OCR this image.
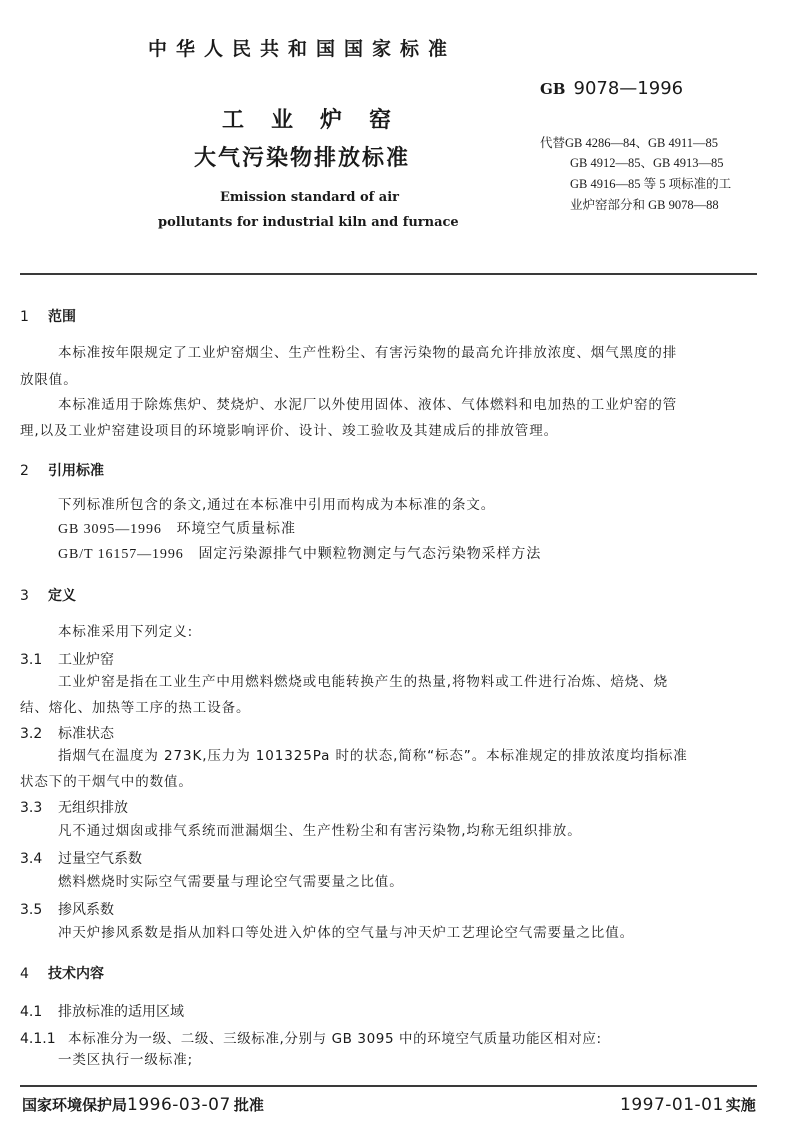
中华人民共和国国家标准
工业炉窑
大气污染物排放标准
Emission standard of air
pollutants for industrial kiln and furnace
GB 9078—1996
代替GB 4286—84、GB 4911—85
GB 4912—85、GB 4913—85
GB 4916—85 等 5 项标准的工
业炉窑部分和 GB 9078—88
1 范围
本标准按年限规定了工业炉窑烟尘、生产性粉尘、有害污染物的最高允许排放浓度、烟气黑度的排
放限值。
本标准适用于除炼焦炉、焚烧炉、水泥厂以外使用固体、液体、气体燃料和电加热的工业炉窑的管
理,以及工业炉窑建设项目的环境影响评价、设计、竣工验收及其建成后的排放管理。
2 引用标准
下列标准所包含的条文,通过在本标准中引用而构成为本标准的条文。
GB 3095—1996　环境空气质量标准
GB/T 16157—1996　固定污染源排气中颗粒物测定与气态污染物采样方法
3 定义
本标准采用下列定义:
3.1 工业炉窑
工业炉窑是指在工业生产中用燃料燃烧或电能转换产生的热量,将物料或工件进行冶炼、焙烧、烧
结、熔化、加热等工序的热工设备。
3.2 标准状态
指烟气在温度为 273K,压力为 101325Pa 时的状态,简称“标态”。本标准规定的排放浓度均指标准
状态下的干烟气中的数值。
3.3 无组织排放
凡不通过烟囱或排气系统而泄漏烟尘、生产性粉尘和有害污染物,均称无组织排放。
3.4 过量空气系数
燃料燃烧时实际空气需要量与理论空气需要量之比值。
3.5 掺风系数
冲天炉掺风系数是指从加料口等处进入炉体的空气量与冲天炉工艺理论空气需要量之比值。
4 技术内容
4.1 排放标准的适用区域
4.1.1 本标准分为一级、二级、三级标准,分别与 GB 3095 中的环境空气质量功能区相对应:
一类区执行一级标准;
国家环境保护局1996-03-07 批准	1997-01-01 实施
